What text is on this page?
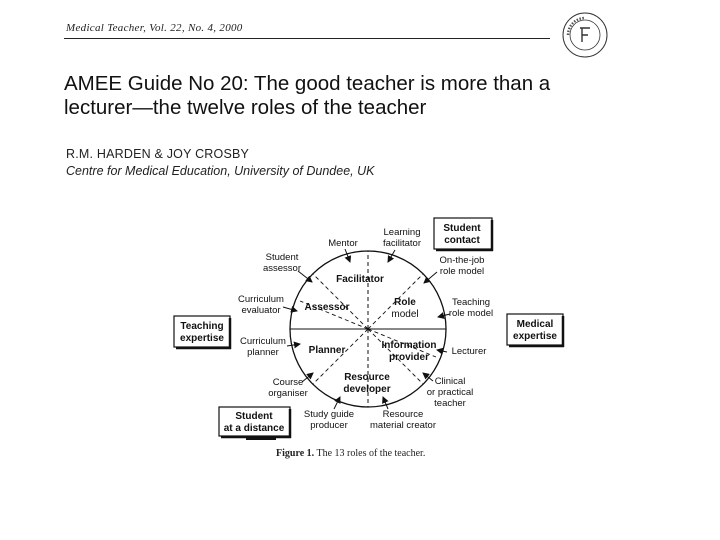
Medical Teacher, Vol. 22, No. 4, 2000
AMEE Guide No 20: The good teacher is more than a lecturer—the twelve roles of the teacher
R.M. HARDEN & JOY CROSBY
Centre for Medical Education, University of Dundee, UK
Facilitator
Role
model
Information
provider
Resource
developer
Planner
Assessor
Mentor
Learning
facilitator
On-the-job
role model
Teaching
role model
Lecturer
Clinical
or practical
teacher
Resource
material creator
Study guide
producer
Course
organiser
Curriculum
planner
Curriculum
evaluator
Student
assessor
Student
contact
Medical
expertise
Teaching
expertise
Student
at a distance
Figure 1. The 13 roles of the teacher.
